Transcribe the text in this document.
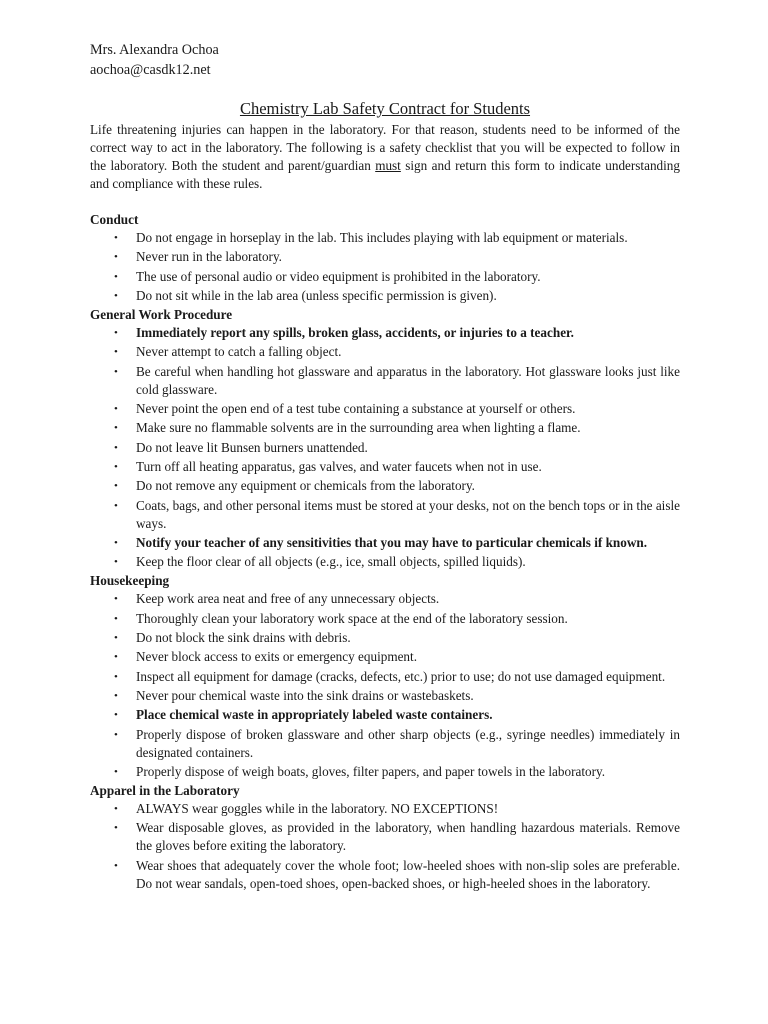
Mrs. Alexandra Ochoa
aochoa@casdk12.net
Chemistry Lab Safety Contract for Students

Life threatening injuries can happen in the laboratory. For that reason, students need to be informed of the correct way to act in the laboratory. The following is a safety checklist that you will be expected to follow in the laboratory. Both the student and parent/guardian must sign and return this form to indicate understanding and compliance with these rules.

Conduct
• Do not engage in horseplay in the lab. This includes playing with lab equipment or materials.
• Never run in the laboratory.
• The use of personal audio or video equipment is prohibited in the laboratory.
• Do not sit while in the lab area (unless specific permission is given).
General Work Procedure
• Immediately report any spills, broken glass, accidents, or injuries to a teacher.
• Never attempt to catch a falling object.
• Be careful when handling hot glassware and apparatus in the laboratory. Hot glassware looks just like cold glassware.
• Never point the open end of a test tube containing a substance at yourself or others.
• Make sure no flammable solvents are in the surrounding area when lighting a flame.
• Do not leave lit Bunsen burners unattended.
• Turn off all heating apparatus, gas valves, and water faucets when not in use.
• Do not remove any equipment or chemicals from the laboratory.
• Coats, bags, and other personal items must be stored at your desks, not on the bench tops or in the aisle ways.
• Notify your teacher of any sensitivities that you may have to particular chemicals if known.
• Keep the floor clear of all objects (e.g., ice, small objects, spilled liquids).
Housekeeping
• Keep work area neat and free of any unnecessary objects.
• Thoroughly clean your laboratory work space at the end of the laboratory session.
• Do not block the sink drains with debris.
• Never block access to exits or emergency equipment.
• Inspect all equipment for damage (cracks, defects, etc.) prior to use; do not use damaged equipment.
• Never pour chemical waste into the sink drains or wastebaskets.
• Place chemical waste in appropriately labeled waste containers.
• Properly dispose of broken glassware and other sharp objects (e.g., syringe needles) immediately in designated containers.
• Properly dispose of weigh boats, gloves, filter papers, and paper towels in the laboratory.
Apparel in the Laboratory
• ALWAYS wear goggles while in the laboratory. NO EXCEPTIONS!
• Wear disposable gloves, as provided in the laboratory, when handling hazardous materials. Remove the gloves before exiting the laboratory.
• Wear shoes that adequately cover the whole foot; low-heeled shoes with non-slip soles are preferable. Do not wear sandals, open-toed shoes, open-backed shoes, or high-heeled shoes in the laboratory.
